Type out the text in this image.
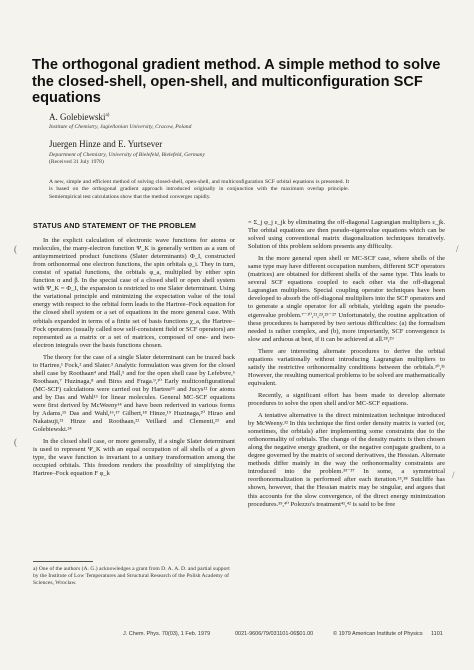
The orthogonal gradient method. A simple method to solve the closed-shell, open-shell, and multiconfiguration SCF equations
A. Golebiewski$^{a)}$
Institute of Chemistry, Jagiellonian University, Cracow, Poland
Juergen Hinze and E. Yurtsever
Department of Chemistry, University of Bielefeld, Bielefeld, Germany
(Received 31 July 1978)
A new, simple and efficient method of solving closed-shell, open-shell, and multiconfiguration SCF orbital equations is presented. It is based on the orthogonal gradient approach introduced originally in conjunction with the maximum overlap principle. Semiempirical test calculations show that the method converges rapidly.
STATUS AND STATEMENT OF THE PROBLEM

In the explicit calculation of electronic wave functions for atoms or molecules, the many-electron function Ψ_K is generally written as a sum of antisymmetrized product functions (Slater determinants) Φ_I, constructed from orthonormal one electron functions, the spin orbitals φ_i. They in turn, consist of spatial functions, the orbitals φ_a, multiplied by either spin function α and β. In the special case of a closed shell or open shell system with Ψ_K = Φ_I, the expansion is restricted to one Slater determinant. Using the variational principle and minimizing the expectation value of the total energy with respect to the orbital form leads to the Hartree–Fock equation for the closed shell system or a set of equations in the more general case. With orbitals expanded in terms of a finite set of basis functions χ_a, the Hartree–Fock operators (usually called now self-consistent field or SCF operators) are represented as a matrix or a set of matrices, composed of one- and two-electron integrals over the basis functions chosen.

The theory for the case of a single Slater determinant can be traced back to Hartree,¹ Fock,² and Slater.³ Analytic formulation was given for the closed shell case by Roothaan⁴ and Hall,⁵ and for the open shell case by Lefebvre,⁶ Roothaan,⁷ Huzinaga,⁸ and Birss and Fraga.⁹,¹⁰ Early multiconfigurational (MC-SCF) calculations were carried out by Hartree¹¹ and Jucys¹² for atoms and by Das and Wahl¹³ for linear molecules. General MC-SCF equations were first derived by McWeeny¹⁴ and have been rederived in various forms by Adams,¹⁵ Das and Wahl,¹⁶,¹⁷ Gilbert,¹⁸ Hinze,¹⁹ Huzinaga,²⁰ Hirao and Nakatsuji,²¹ Hinze and Roothaan,²² Veillard and Clementi,²³ and Golebiewski.²⁴

In the closed shell case, or more generally, if a single Slater determinant is used to represent Ψ_K with an equal occupation of all shells of a given type, the wave function is invariant to a unitary transformation among the occupied orbitals. This freedom renders the possibility of simplifying the Hartree–Fock equation F φ_k

a) One of the authors (A. G.) acknowledges a grant from D. A. A. D. and partial support by the Institute of Low Temperatures and Structural Research of the Polish Academy of Sciences, Wroclaw.

= Σ_j φ_j ε_jk by eliminating the off-diagonal Lagrangian multipliers ε_jk. The orbital equations are then pseudo-eigenvalue equations which can be solved using conventional matrix diagonalization techniques iteratively. Solution of this problem seldom presents any difficulty.

In the more general open shell or MC-SCF case, where shells of the same type may have different occupation numbers, different SCF operators (matrices) are obtained for different shells of the same type. This leads to several SCF equations coupled to each other via the off-diagonal Lagrangian multipliers. Special coupling operator techniques have been developed to absorb the off-diagonal multipliers into the SCF operators and to generate a single operator for all orbitals, yielding again the pseudo-eigenvalue problem.⁷⁻¹⁰,²¹,²³,²⁵⁻²⁷ Unfortunately, the routine application of these procedures is hampered by two serious difficulties: (a) the formalism needed is rather complex, and (b), more importantly, SCF convergence is slow and arduous at best, if it can be achieved at all.²⁸,²⁹

There are interesting alternate procedures to derive the orbital equations variationally without introducing Lagrangian multipliers to satisfy the restrictive orthonormality conditions between the orbitals.³⁰,³¹ However, the resulting numerical problems to be solved are mathematically equivalent.

Recently, a significant effort has been made to develop alternate procedures to solve the open shell and/or MC-SCF equations.

A tentative alternative is the direct minimization technique introduced by McWeeny.³² In this technique the first order density matrix is varied (or, sometimes, the orbitals) after implementing some constraints due to the orthonormality of orbitals. The change of the density matrix is then chosen along the negative energy gradient, or the negative conjugate gradient, to a degree governed by the matrix of second derivatives, the Hessian. Alternate methods differ mainly in the way the orthonormality constraints are introduced into the problem.³³⁻³⁷ In some, a symmetrical reorthonormalization is performed after each iteration.¹⁵,³⁸ Sutcliffe has shown, however, that the Hessian matrix may be singular, and argues that this accounts for the slow convergence, of the direct energy minimization procedures.³⁹,⁴⁰ Polezzo's treatment⁴¹,⁴² is said to be free

(
(
/
/
J. Chem. Phys. 70(03), 1 Feb. 1979	0021-9606/79/031101-06$01.00	© 1979 American Institute of Physics 1101
